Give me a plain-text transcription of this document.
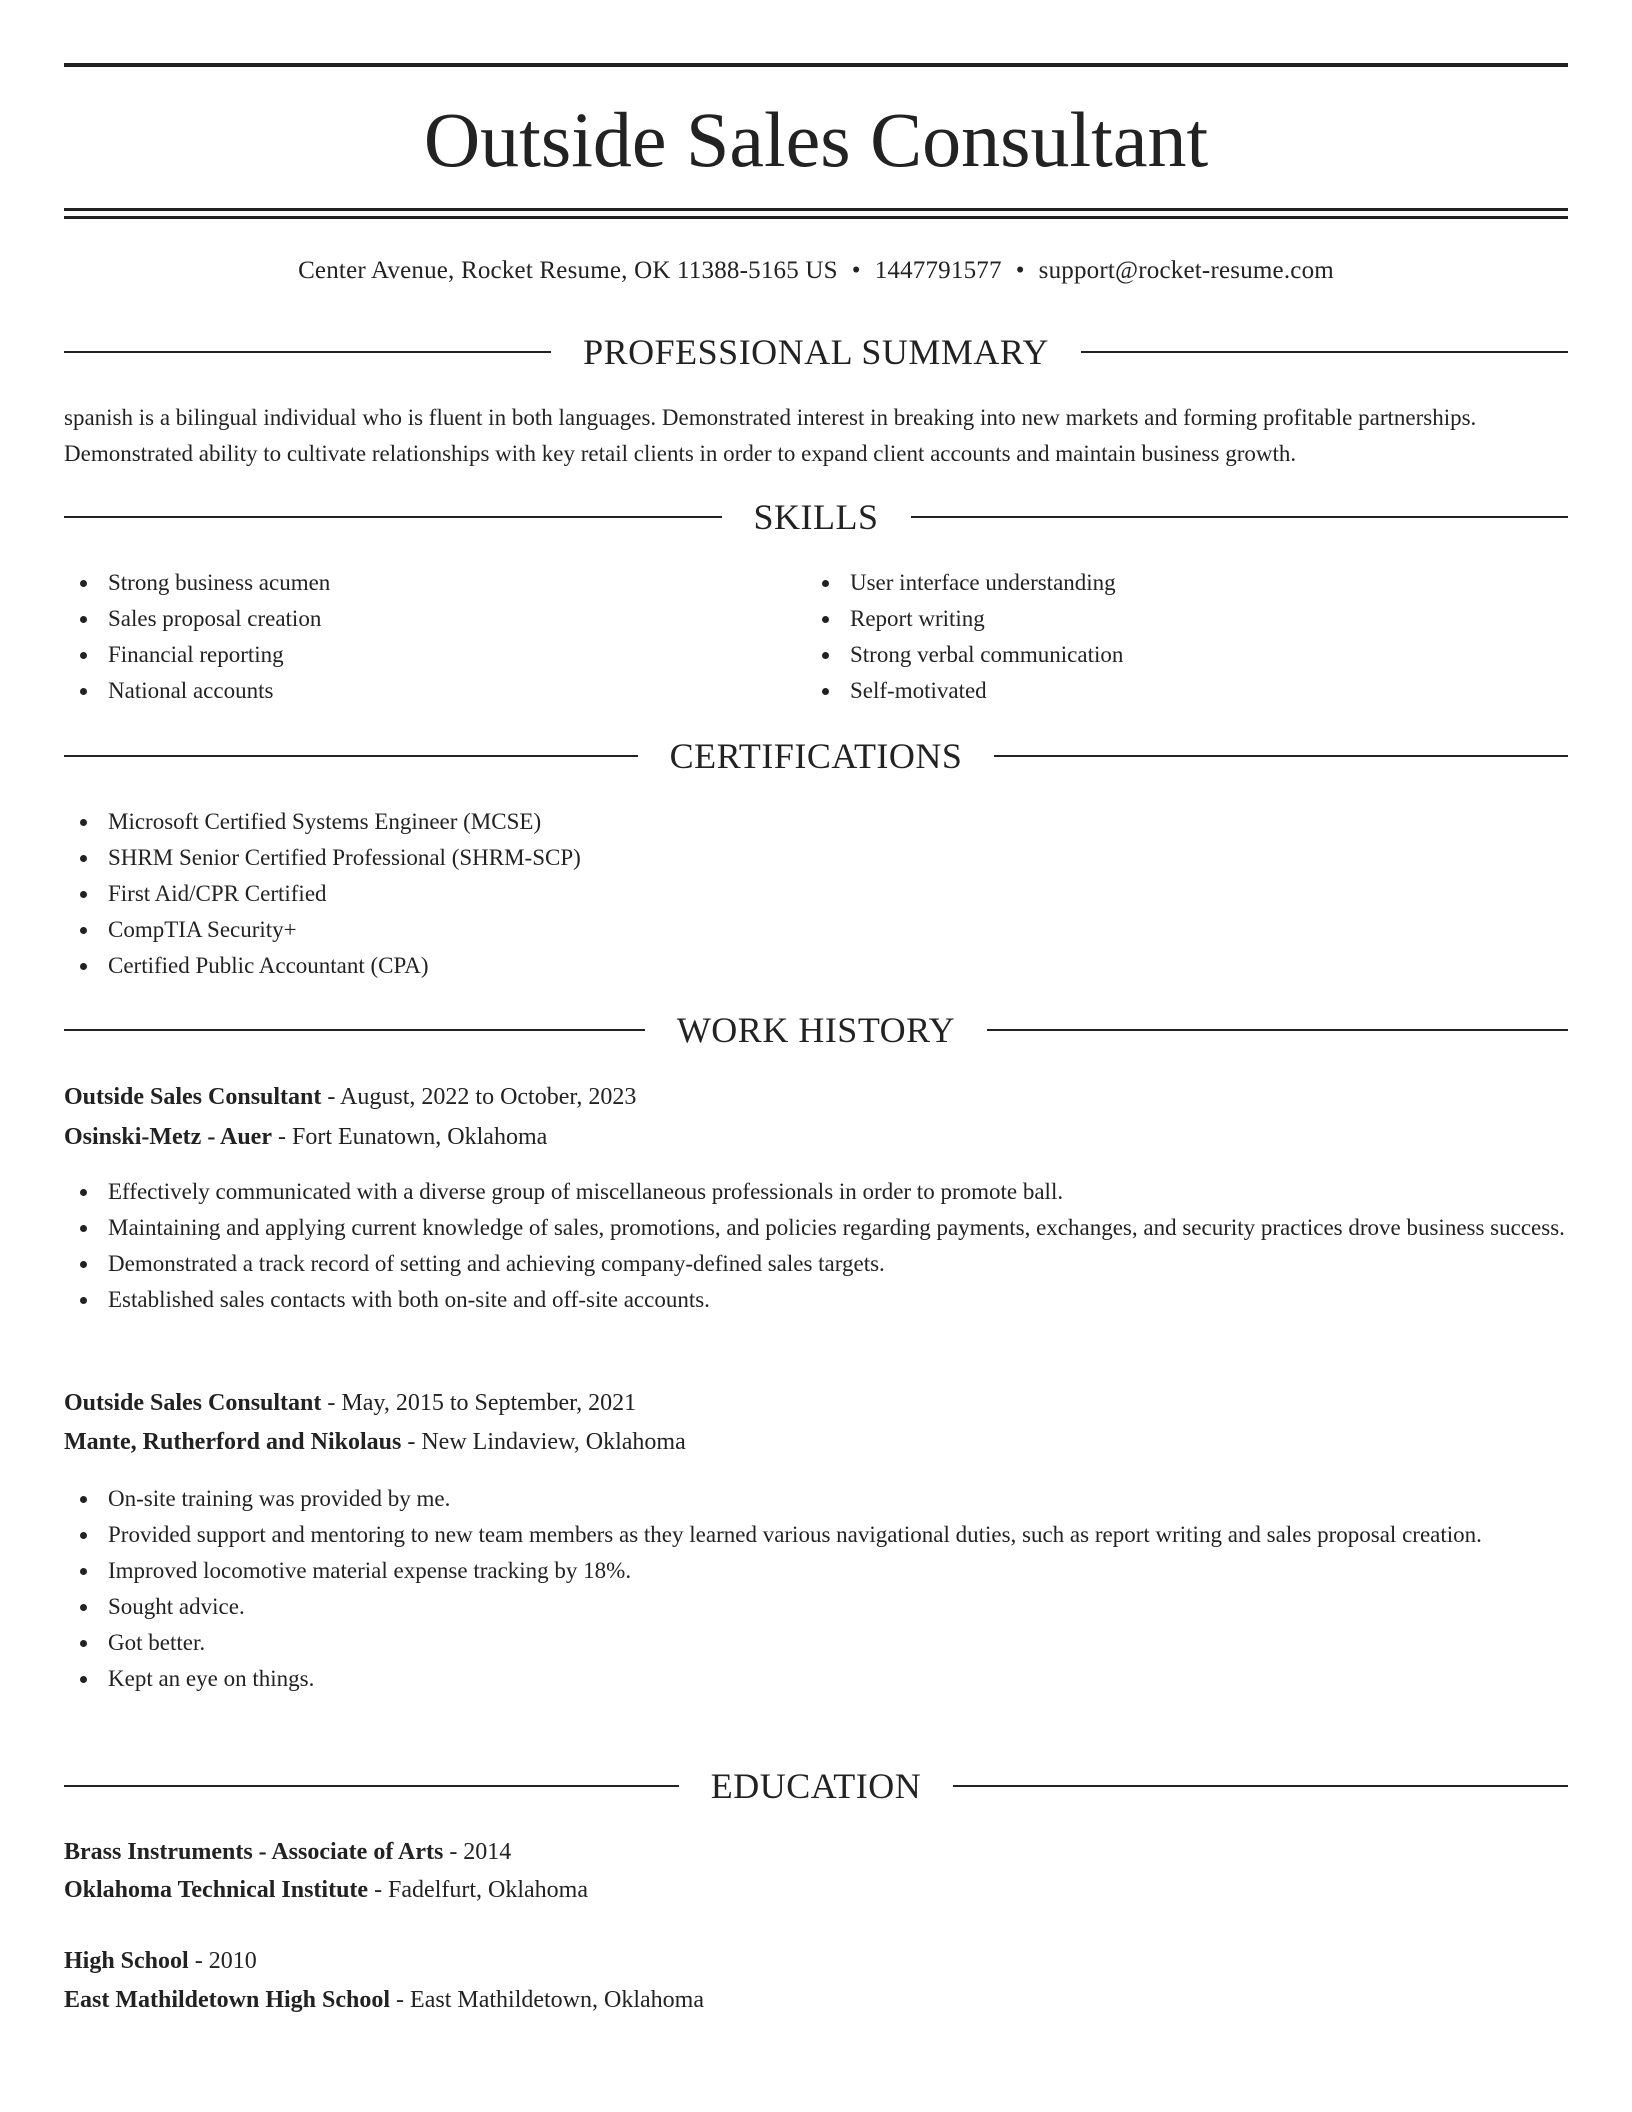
Outside Sales Consultant
Center Avenue, Rocket Resume, OK 11388-5165 US • 1447791577 • support@rocket-resume.com
PROFESSIONAL SUMMARY

spanish is a bilingual individual who is fluent in both languages. Demonstrated interest in breaking into new markets and forming profitable partnerships. Demonstrated ability to cultivate relationships with key retail clients in order to expand client accounts and maintain business growth.

SKILLS
Strong business acumen
Sales proposal creation
Financial reporting
National accounts
User interface understanding
Report writing
Strong verbal communication
Self-motivated
CERTIFICATIONS
Microsoft Certified Systems Engineer (MCSE)
SHRM Senior Certified Professional (SHRM-SCP)
First Aid/CPR Certified
CompTIA Security+
Certified Public Accountant (CPA)
WORK HISTORY
Outside Sales Consultant - August, 2022 to October, 2023
Osinski-Metz - Auer - Fort Eunatown, Oklahoma
Effectively communicated with a diverse group of miscellaneous professionals in order to promote ball.
Maintaining and applying current knowledge of sales, promotions, and policies regarding payments, exchanges, and security practices drove business success.
Demonstrated a track record of setting and achieving company-defined sales targets.
Established sales contacts with both on-site and off-site accounts.
Outside Sales Consultant - May, 2015 to September, 2021
Mante, Rutherford and Nikolaus - New Lindaview, Oklahoma
On-site training was provided by me.
Provided support and mentoring to new team members as they learned various navigational duties, such as report writing and sales proposal creation.
Improved locomotive material expense tracking by 18%.
Sought advice.
Got better.
Kept an eye on things.
EDUCATION
Brass Instruments - Associate of Arts - 2014
Oklahoma Technical Institute - Fadelfurt, Oklahoma
High School - 2010
East Mathildetown High School - East Mathildetown, Oklahoma
